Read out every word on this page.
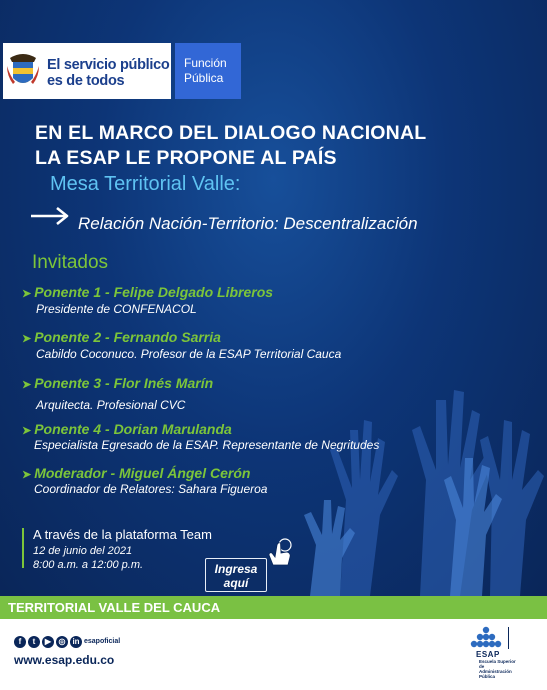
El servicio público
es de todos
Función
Pública
EN EL MARCO DEL DIALOGO NACIONAL
LA ESAP LE PROPONE AL PAÍS
Mesa Territorial Valle:
Relación Nación-Territorio: Descentralización
Invitados
➤ Ponente 1 - Felipe Delgado Libreros
Presidente de CONFENACOL
➤ Ponente 2 - Fernando Sarria
Cabildo Coconuco. Profesor de la ESAP Territorial Cauca
➤ Ponente 3 - Flor Inés Marín
Arquitecta. Profesional CVC
➤ Ponente 4 - Dorian Marulanda
Especialista Egresado de la ESAP. Representante de Negritudes
➤ Moderador - Miguel Ángel Cerón
Coordinador de Relatores: Sahara Figueroa
A través de la plataforma Team
12 de junio del 2021
8:00 a.m. a 12:00 p.m.	Ingresa
aquí
TERRITORIAL VALLE DEL CAUCA
f	t	▶ ◎ in esapoficial
www.esap.edu.co	ESAP
Escuela Superior de
Administración Pública
